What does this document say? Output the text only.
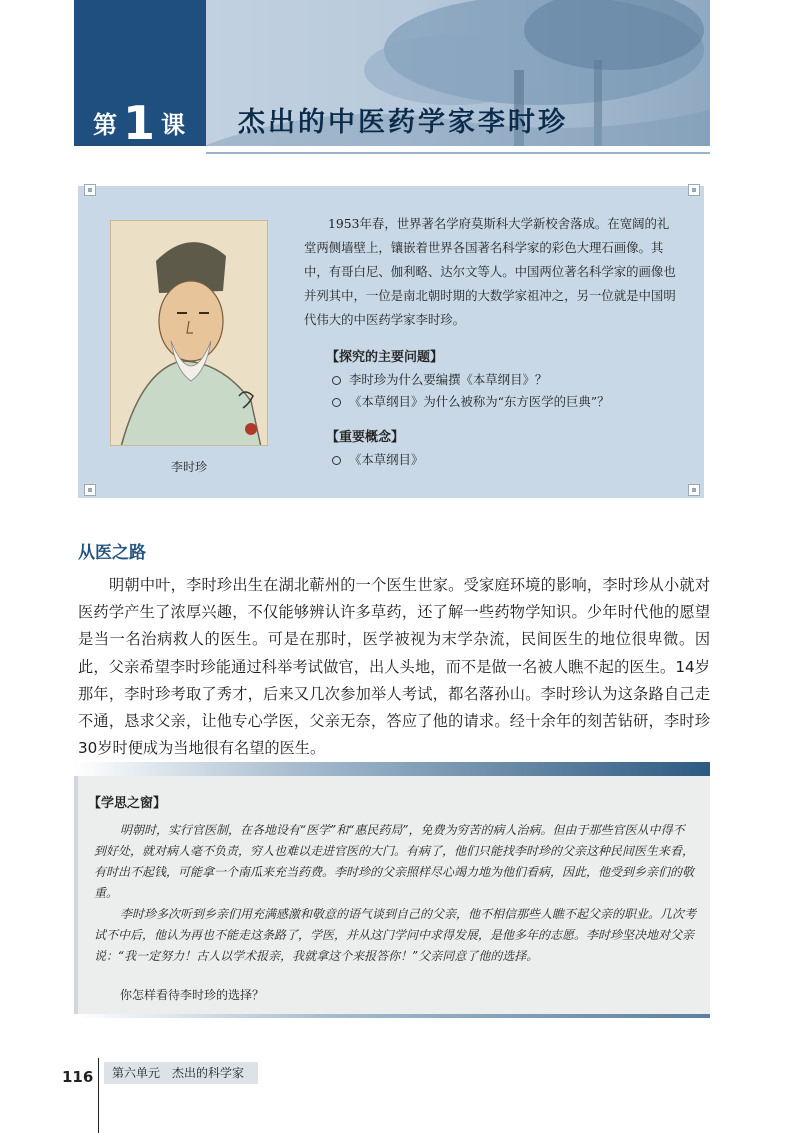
第1 课	杰出的中医药学家李时珍
李时珍
1953年春，世界著名学府莫斯科大学新校舍落成。在宽阔的礼堂两侧墙壁上，镶嵌着世界各国著名科学家的彩色大理石画像。其中，有哥白尼、伽利略、达尔文等人。中国两位著名科学家的画像也并列其中，一位是南北朝时期的大数学家祖冲之，另一位就是中国明代伟大的中医药学家李时珍。
【探究的主要问题】
李时珍为什么要编撰《本草纲目》？
《本草纲目》为什么被称为“东方医学的巨典”？
【重要概念】
《本草纲目》
从医之路
明朝中叶，李时珍出生在湖北蕲州的一个医生世家。受家庭环境的影响，李时珍从小就对医药学产生了浓厚兴趣，不仅能够辨认许多草药，还了解一些药物学知识。少年时代他的愿望是当一名治病救人的医生。可是在那时，医学被视为末学杂流，民间医生的地位很卑微。因此，父亲希望李时珍能通过科举考试做官，出人头地，而不是做一名被人瞧不起的医生。14岁那年，李时珍考取了秀才，后来又几次参加举人考试，都名落孙山。李时珍认为这条路自己走不通，恳求父亲，让他专心学医，父亲无奈，答应了他的请求。经十余年的刻苦钻研，李时珍30岁时便成为当地很有名望的医生。
【学思之窗】

明朝时，实行官医制，在各地设有“医学”和“惠民药局”，免费为穷苦的病人治病。但由于那些官医从中得不到好处，就对病人毫不负责，穷人也难以走进官医的大门。有病了，他们只能找李时珍的父亲这种民间医生来看，有时出不起钱，可能拿一个南瓜来充当药费。李时珍的父亲照样尽心竭力地为他们看病，因此，他受到乡亲们的敬重。

李时珍多次听到乡亲们用充满感激和敬意的语气谈到自己的父亲，他不相信那些人瞧不起父亲的职业。几次考试不中后，他认为再也不能走这条路了，学医，并从这门学问中求得发展，是他多年的志愿。李时珍坚决地对父亲说：“我一定努力！古人以学术报亲，我就拿这个来报答你！”父亲同意了他的选择。

你怎样看待李时珍的选择？
116	第六单元　杰出的科学家
